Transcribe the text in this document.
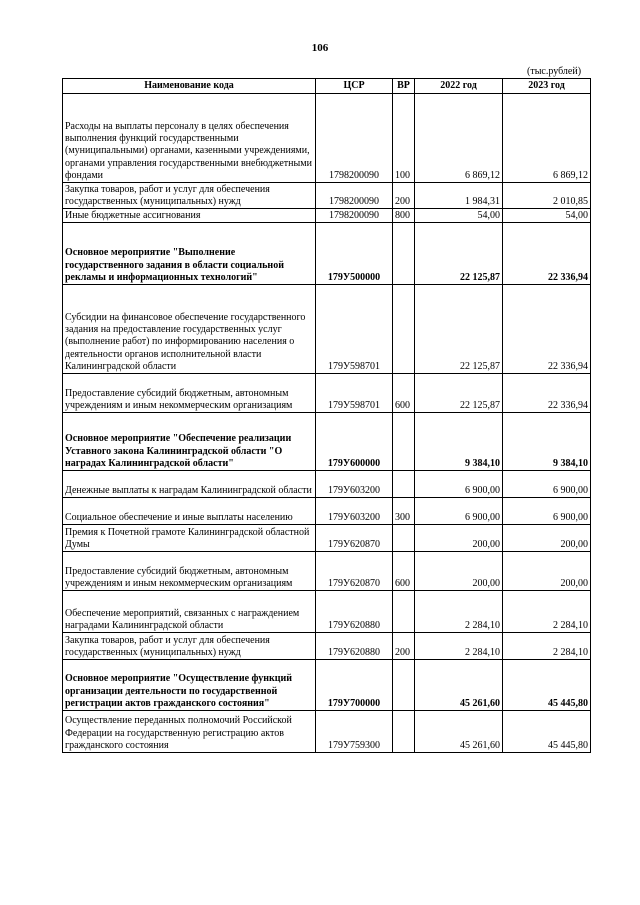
106
(тыс.рублей)
Наименование кода	ЦСР	ВР	2022 год	2023 год
Расходы на выплаты персоналу в целях обеспечения выполнения функций государственными (муниципальными) органами, казенными учреждениями, органами управления государственными внебюджетными фондами	1798200090	100	6 869,12	6 869,12
Закупка товаров, работ и услуг для обеспечения государственных (муниципальных) нужд	1798200090	200	1 984,31	2 010,85
Иные бюджетные ассигнования	1798200090	800	54,00	54,00
Основное мероприятие "Выполнение государственного задания в области социальной рекламы и информационных технологий"	179У500000		22 125,87	22 336,94
Субсидии на финансовое обеспечение государственного задания на предоставление государственных услуг (выполнение работ) по информированию населения о деятельности органов исполнительной власти Калининградской области	179У598701		22 125,87	22 336,94
Предоставление субсидий бюджетным, автономным учреждениям и иным некоммерческим организациям	179У598701	600	22 125,87	22 336,94
Основное мероприятие "Обеспечение реализации Уставного закона Калининградской области "О наградах Калининградской области"	179У600000		9 384,10	9 384,10
Денежные выплаты к наградам Калининградской области	179У603200		6 900,00	6 900,00
Социальное обеспечение и иные выплаты населению	179У603200	300	6 900,00	6 900,00
Премия к Почетной грамоте Калининградской областной Думы	179У620870		200,00	200,00
Предоставление субсидий бюджетным, автономным учреждениям и иным некоммерческим организациям	179У620870	600	200,00	200,00
Обеспечение мероприятий, связанных с награждением наградами Калининградской области	179У620880		2 284,10	2 284,10
Закупка товаров, работ и услуг для обеспечения государственных (муниципальных) нужд	179У620880	200	2 284,10	2 284,10
Основное мероприятие "Осуществление функций организации деятельности по государственной регистрации актов гражданского состояния"	179У700000		45 261,60	45 445,80
Осуществление переданных полномочий Российской Федерации на государственную регистрацию актов гражданского состояния	179У759300		45 261,60	45 445,80
